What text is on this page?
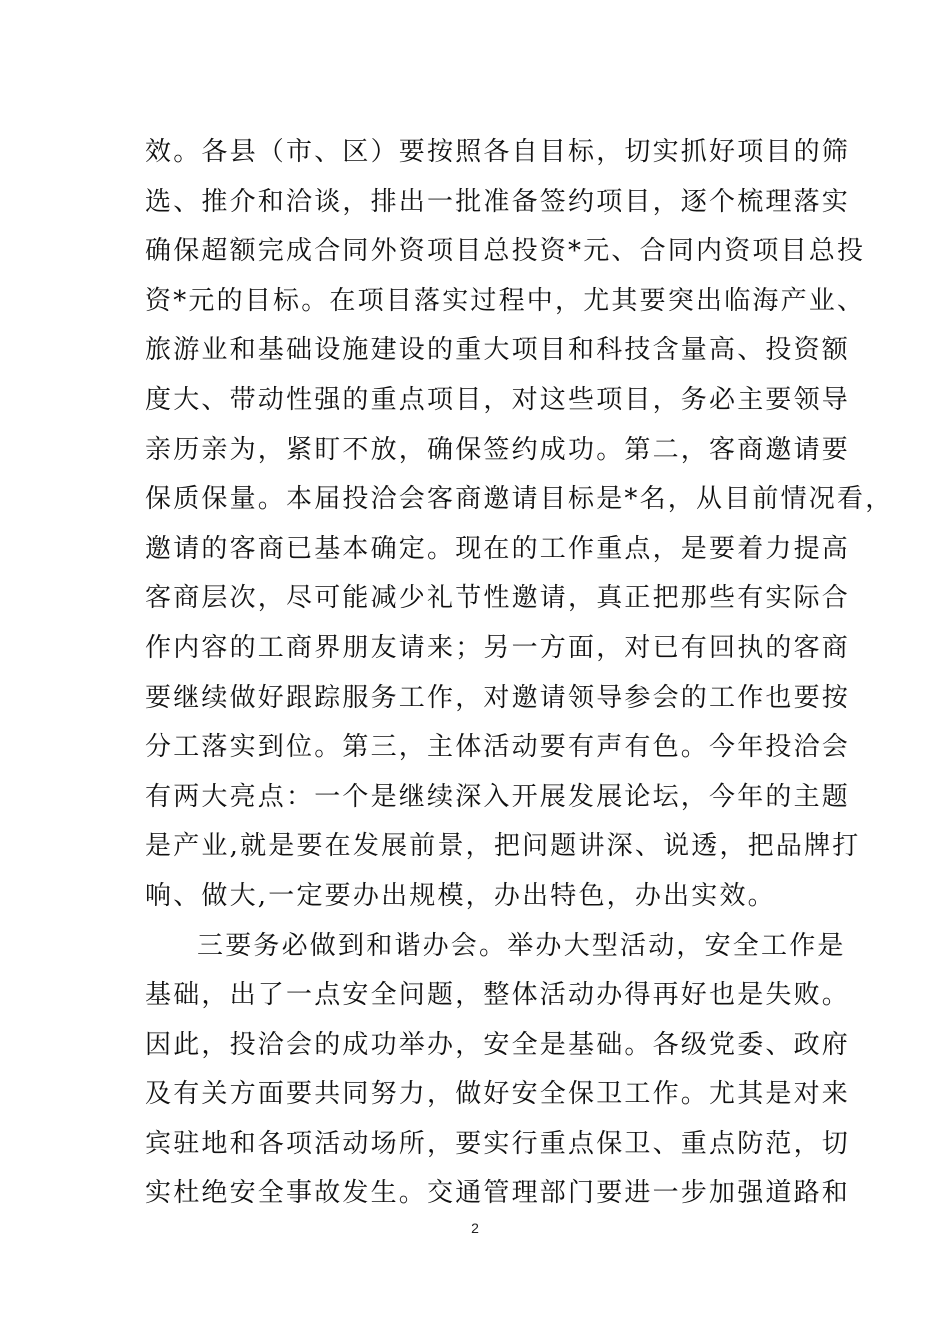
效。各县（市、区）要按照各自目标，切实抓好项目的筛
选、推介和洽谈，排出一批准备签约项目，逐个梳理落实
确保超额完成合同外资项目总投资*元、合同内资项目总投
资*元的目标。在项目落实过程中，尤其要突出临海产业、
旅游业和基础设施建设的重大项目和科技含量高、投资额
度大、带动性强的重点项目，对这些项目，务必主要领导
亲历亲为，紧盯不放，确保签约成功。第二，客商邀请要
保质保量。本届投洽会客商邀请目标是*名，从目前情况看，
邀请的客商已基本确定。现在的工作重点，是要着力提高
客商层次，尽可能减少礼节性邀请，真正把那些有实际合
作内容的工商界朋友请来；另一方面，对已有回执的客商
要继续做好跟踪服务工作，对邀请领导参会的工作也要按
分工落实到位。第三，主体活动要有声有色。今年投洽会
有两大亮点：一个是继续深入开展发展论坛，今年的主题
是产业,就是要在发展前景，把问题讲深、说透，把品牌打
响、做大,一定要办出规模，办出特色，办出实效。
三要务必做到和谐办会。举办大型活动，安全工作是
基础，出了一点安全问题，整体活动办得再好也是失败。
因此，投洽会的成功举办，安全是基础。各级党委、政府
及有关方面要共同努力，做好安全保卫工作。尤其是对来
宾驻地和各项活动场所，要实行重点保卫、重点防范，切
实杜绝安全事故发生。交通管理部门要进一步加强道路和
2
